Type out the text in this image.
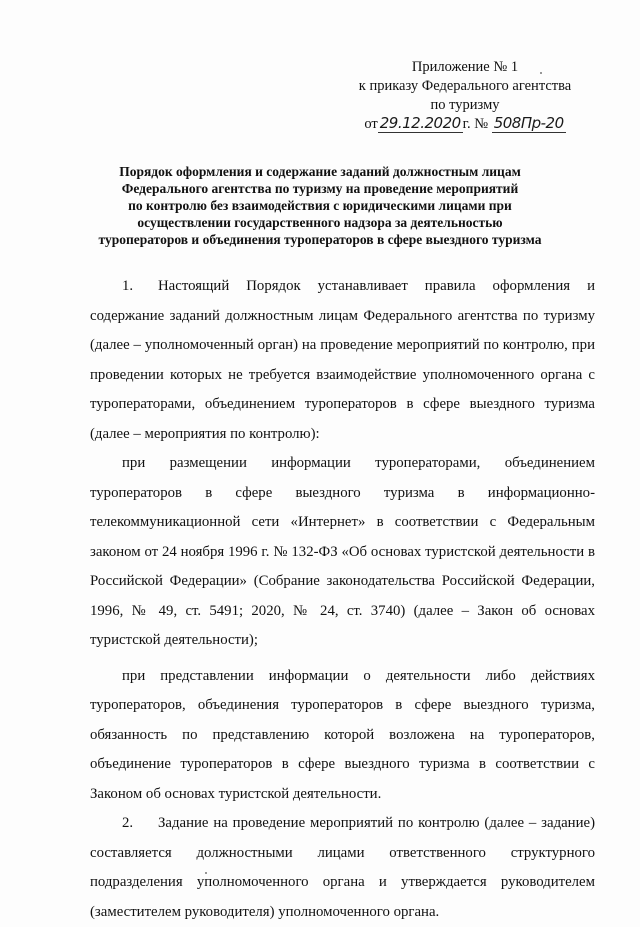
Приложение № 1
к приказу Федерального агентства
по туризму
от 29.12.2020 г. № 508Пр-20
Порядок оформления и содержание заданий должностным лицам
Федерального агентства по туризму на проведение мероприятий
по контролю без взаимодействия с юридическими лицами при
осуществлении государственного надзора за деятельностью
туроператоров и объединения туроператоров в сфере выездного туризма

1. Настоящий Порядок устанавливает правила оформления и содержание заданий должностным лицам Федерального агентства по туризму (далее – уполномоченный орган) на проведение мероприятий по контролю, при проведении которых не требуется взаимодействие уполномоченного органа с туроператорами, объединением туроператоров в сфере выездного туризма (далее – мероприятия по контролю):

при размещении информации туроператорами, объединением туроператоров в сфере выездного туризма в информационно-телекоммуникационной сети «Интернет» в соответствии с Федеральным законом от 24 ноября 1996 г. № 132-ФЗ «Об основах туристской деятельности в Российской Федерации» (Собрание законодательства Российской Федерации, 1996, № 49, ст. 5491; 2020, № 24, ст. 3740) (далее – Закон об основах туристской деятельности);

при представлении информации о деятельности либо действиях туроператоров, объединения туроператоров в сфере выездного туризма, обязанность по представлению которой возложена на туроператоров, объединение туроператоров в сфере выездного туризма в соответствии с Законом об основах туристской деятельности.

2. Задание на проведение мероприятий по контролю (далее – задание) составляется должностными лицами ответственного структурного подразделения уполномоченного органа и утверждается руководителем (заместителем руководителя) уполномоченного органа.
